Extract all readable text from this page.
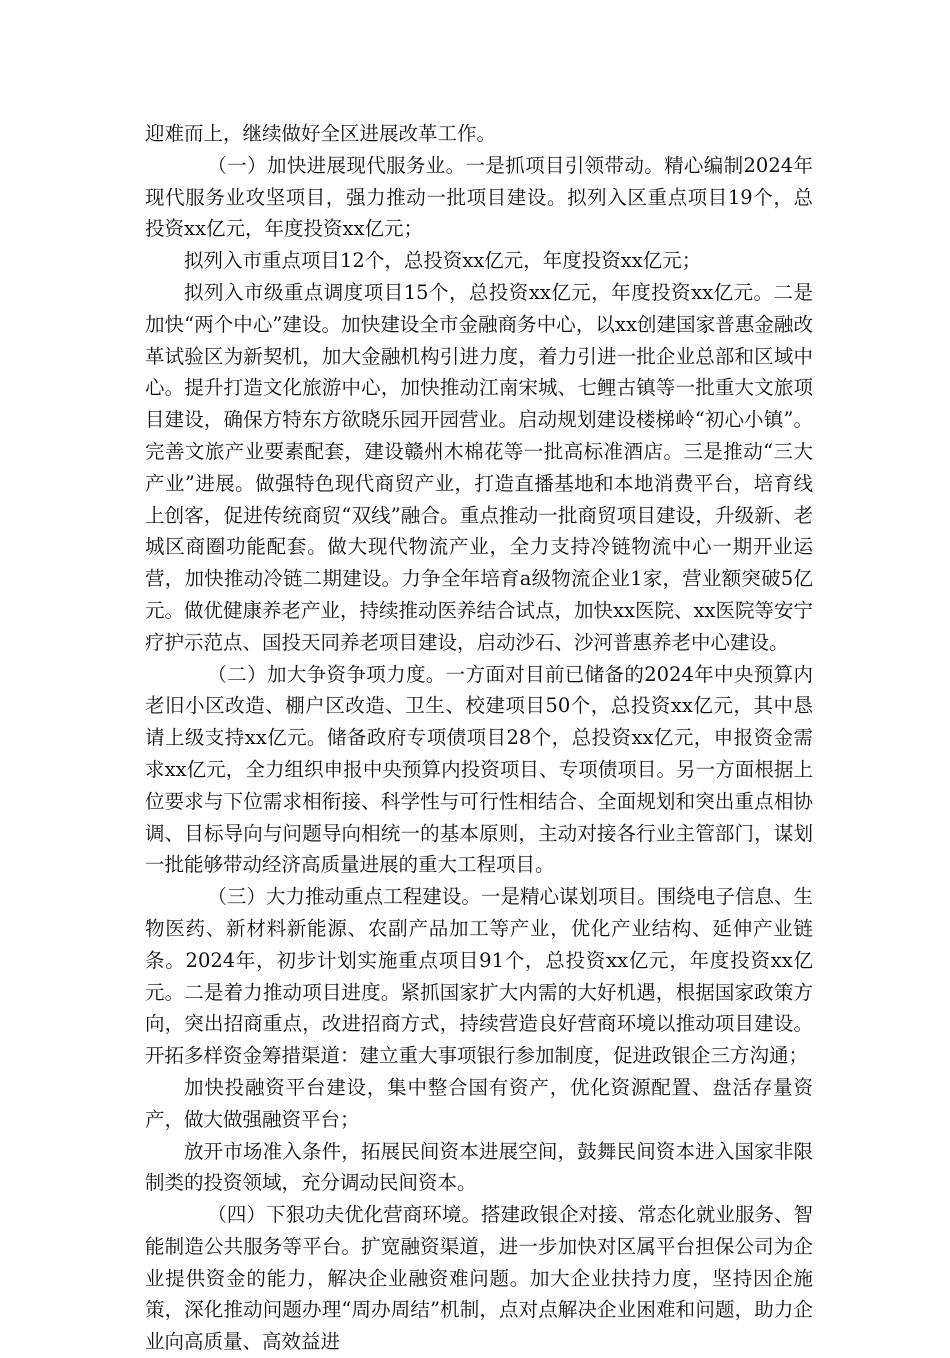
迎难而上，继续做好全区进展改革工作。

（一）加快进展现代服务业。一是抓项目引领带动。精心编制2024年现代服务业攻坚项目，强力推动一批项目建设。拟列入区重点项目19个，总投资xx亿元，年度投资xx亿元；

拟列入市重点项目12个，总投资xx亿元，年度投资xx亿元；

拟列入市级重点调度项目15个，总投资xx亿元，年度投资xx亿元。二是加快“两个中心”建设。加快建设全市金融商务中心，以xx创建国家普惠金融改革试验区为新契机，加大金融机构引进力度，着力引进一批企业总部和区域中心。提升打造文化旅游中心，加快推动江南宋城、七鲤古镇等一批重大文旅项目建设，确保方特东方欲晓乐园开园营业。启动规划建设楼梯岭“初心小镇”。完善文旅产业要素配套，建设赣州木棉花等一批高标准酒店。三是推动“三大产业”进展。做强特色现代商贸产业，打造直播基地和本地消费平台，培育线上创客，促进传统商贸“双线”融合。重点推动一批商贸项目建设，升级新、老城区商圈功能配套。做大现代物流产业，全力支持冷链物流中心一期开业运营，加快推动冷链二期建设。力争全年培育a级物流企业1家，营业额突破5亿元。做优健康养老产业，持续推动医养结合试点，加快xx医院、xx医院等安宁疗护示范点、国投天同养老项目建设，启动沙石、沙河普惠养老中心建设。

（二）加大争资争项力度。一方面对目前已储备的2024年中央预算内老旧小区改造、棚户区改造、卫生、校建项目50个，总投资xx亿元，其中恳请上级支持xx亿元。储备政府专项债项目28个，总投资xx亿元，申报资金需求xx亿元，全力组织申报中央预算内投资项目、专项债项目。另一方面根据上位要求与下位需求相衔接、科学性与可行性相结合、全面规划和突出重点相协调、目标导向与问题导向相统一的基本原则，主动对接各行业主管部门，谋划一批能够带动经济高质量进展的重大工程项目。

（三）大力推动重点工程建设。一是精心谋划项目。围绕电子信息、生物医药、新材料新能源、农副产品加工等产业，优化产业结构、延伸产业链条。2024年，初步计划实施重点项目91个，总投资xx亿元，年度投资xx亿元。二是着力推动项目进度。紧抓国家扩大内需的大好机遇，根据国家政策方向，突出招商重点，改进招商方式，持续营造良好营商环境以推动项目建设。开拓多样资金筹措渠道：建立重大事项银行参加制度，促进政银企三方沟通；

加快投融资平台建设，集中整合国有资产，优化资源配置、盘活存量资产，做大做强融资平台；

放开市场准入条件，拓展民间资本进展空间，鼓舞民间资本进入国家非限制类的投资领域，充分调动民间资本。

（四）下狠功夫优化营商环境。搭建政银企对接、常态化就业服务、智能制造公共服务等平台。扩宽融资渠道，进一步加快对区属平台担保公司为企业提供资金的能力，解决企业融资难问题。加大企业扶持力度，坚持因企施策，深化推动问题办理“周办周结”机制，点对点解决企业困难和问题，助力企业向高质量、高效益进
